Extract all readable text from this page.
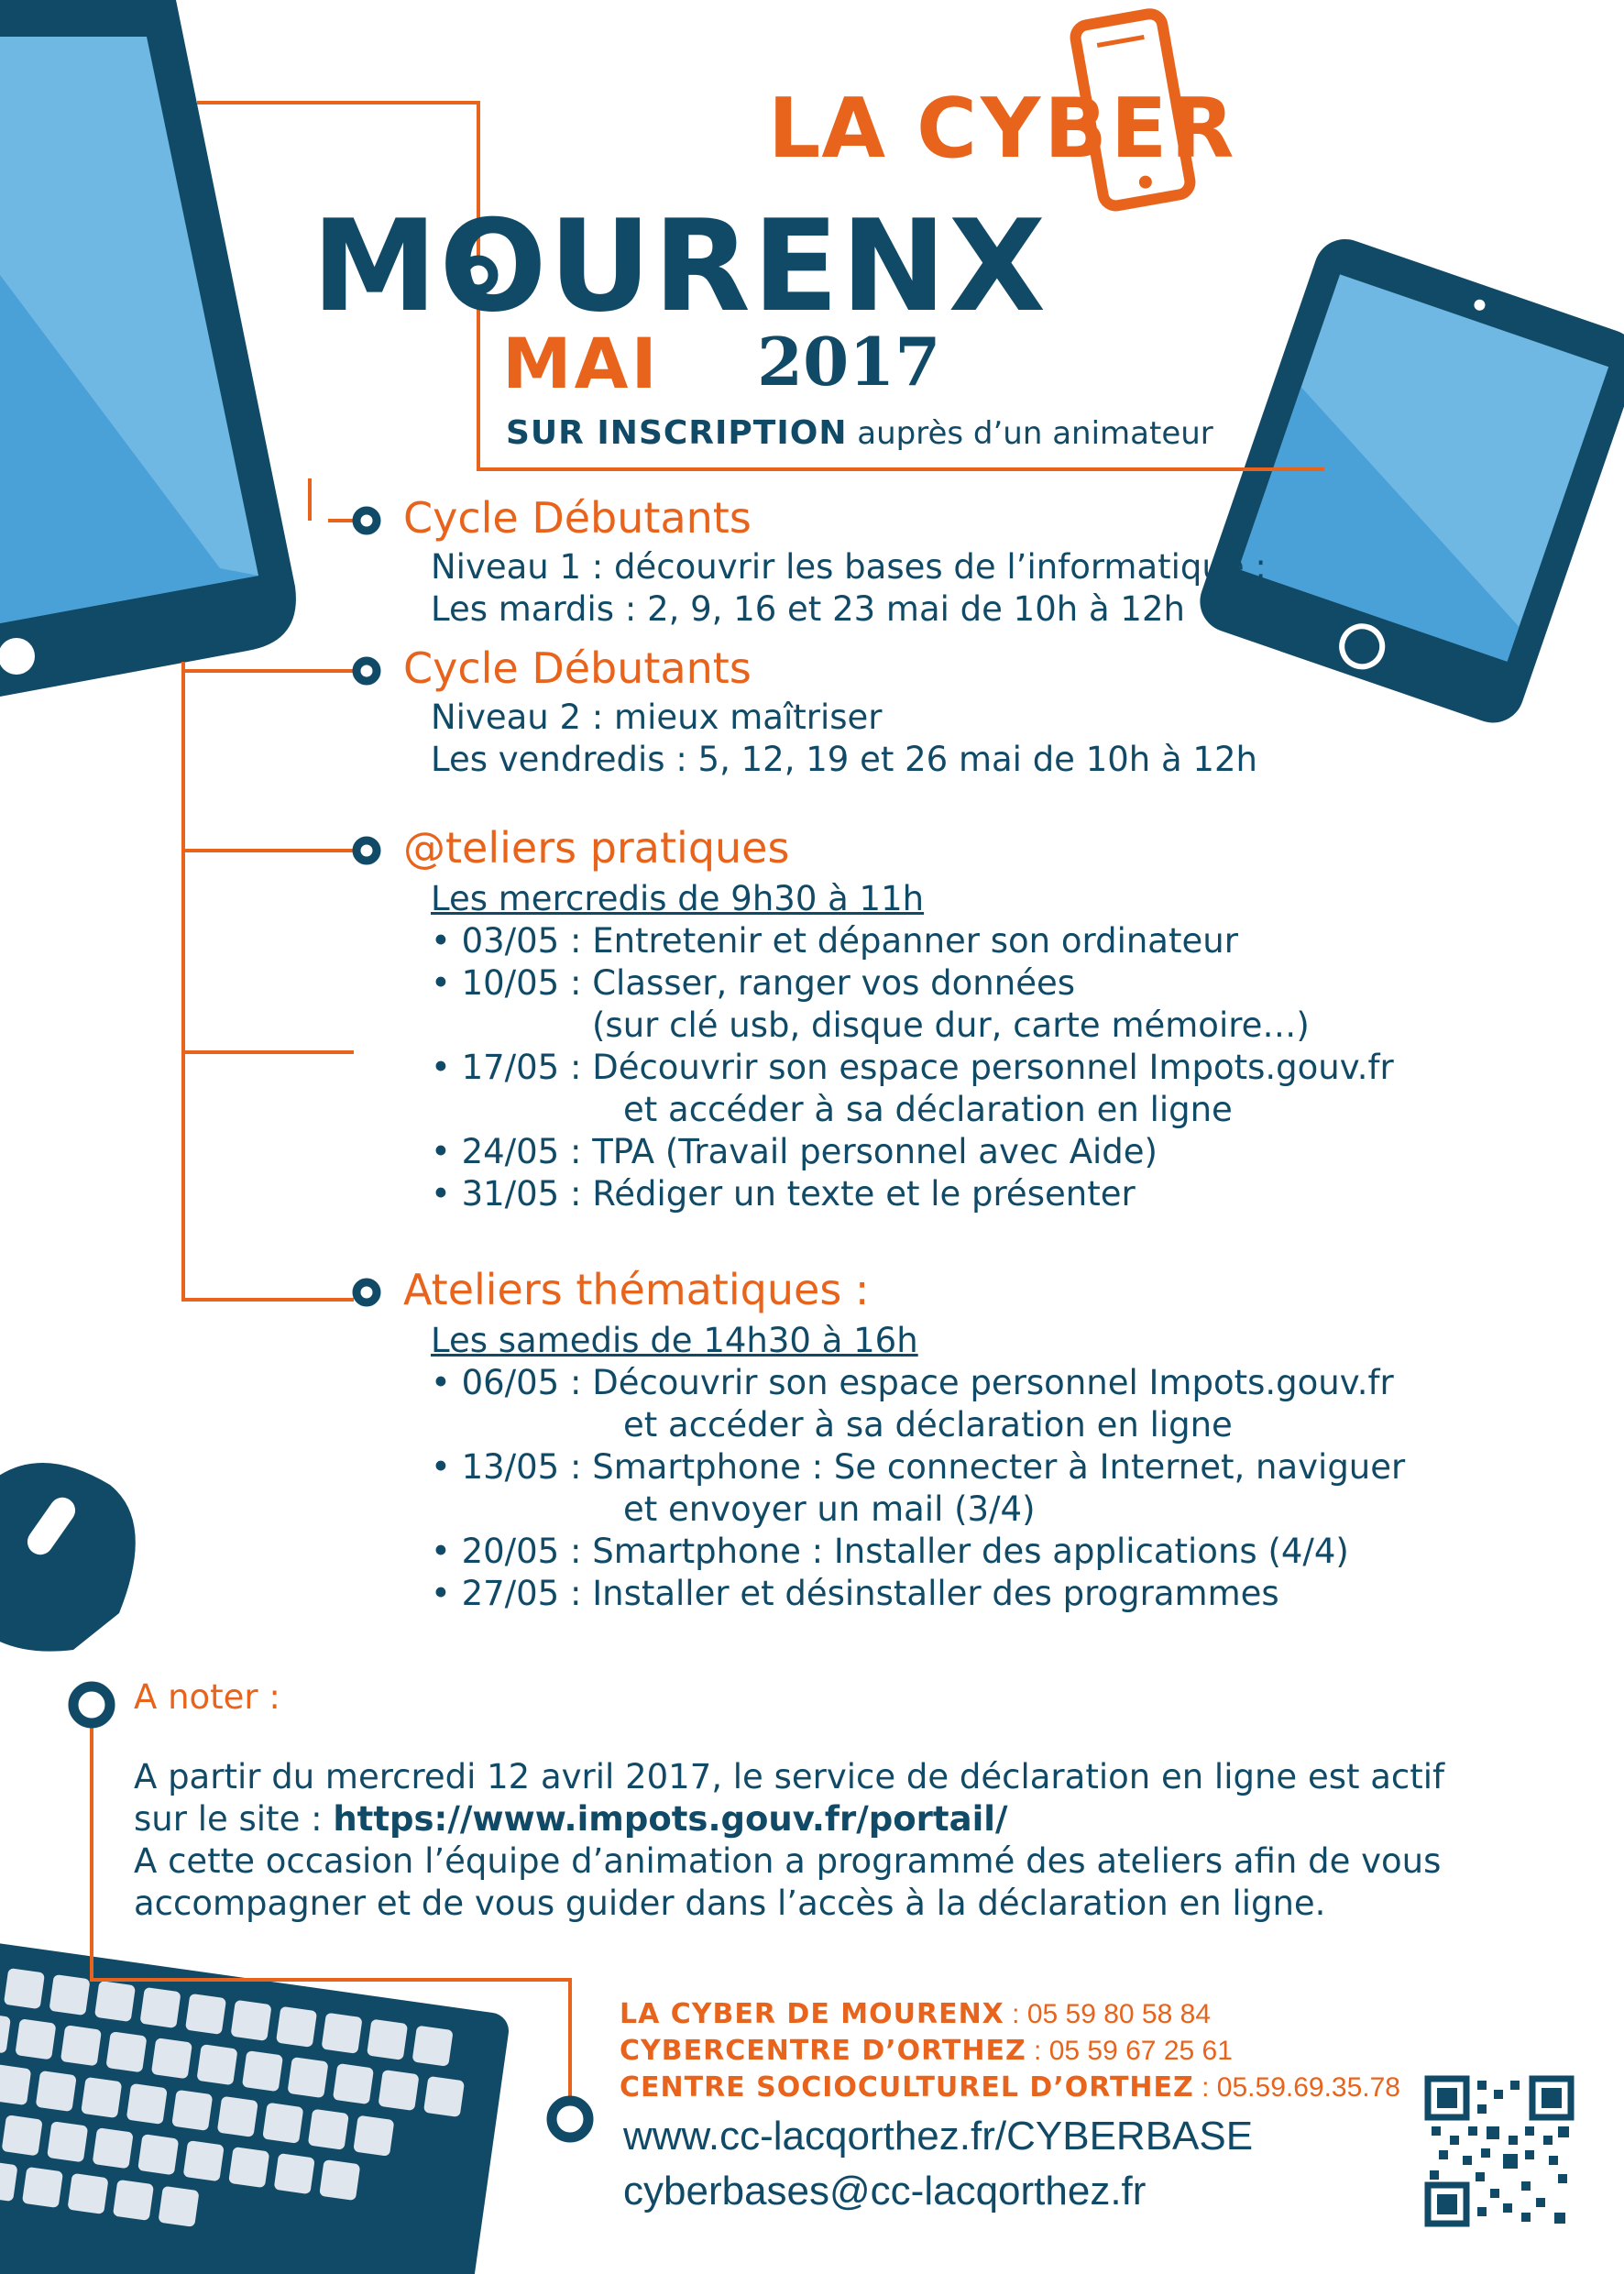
LA CYBER
MOURENX
MAI 2017
SUR INSCRIPTION auprès d’un animateur
Cycle Débutants
Niveau 1 : découvrir les bases de l’informatique :
Les mardis : 2, 9, 16 et 23 mai de 10h à 12h
Cycle Débutants
Niveau 2 : mieux maîtriser
Les vendredis : 5, 12, 19 et 26 mai de 10h à 12h
@teliers pratiques
Les mercredis de 9h30 à 11h
• 03/05 : Entretenir et dépanner son ordinateur
• 10/05 : Classer, ranger vos données
(sur clé usb, disque dur, carte mémoire…)
• 17/05 : Découvrir son espace personnel Impots.gouv.fr
et accéder à sa déclaration en ligne
• 24/05 : TPA (Travail personnel avec Aide)
• 31/05 : Rédiger un texte et le présenter
Ateliers thématiques :
Les samedis de 14h30 à 16h
• 06/05 : Découvrir son espace personnel Impots.gouv.fr
et accéder à sa déclaration en ligne
• 13/05 : Smartphone : Se connecter à Internet, naviguer
et envoyer un mail (3/4)
• 20/05 : Smartphone : Installer des applications (4/4)
• 27/05 : Installer et désinstaller des programmes
A noter :
A partir du mercredi 12 avril 2017, le service de déclaration en ligne est actif
sur le site : https://www.impots.gouv.fr/portail/
A cette occasion l’équipe d’animation a programmé des ateliers afin de vous
accompagner et de vous guider dans l’accès à la déclaration en ligne.
LA CYBER DE MOURENX : 05 59 80 58 84
CYBERCENTRE D’ORTHEZ : 05 59 67 25 61
CENTRE SOCIOCULTUREL D’ORTHEZ : 05.59.69.35.78
www.cc-lacqorthez.fr/CYBERBASE
cyberbases@cc-lacqorthez.fr
